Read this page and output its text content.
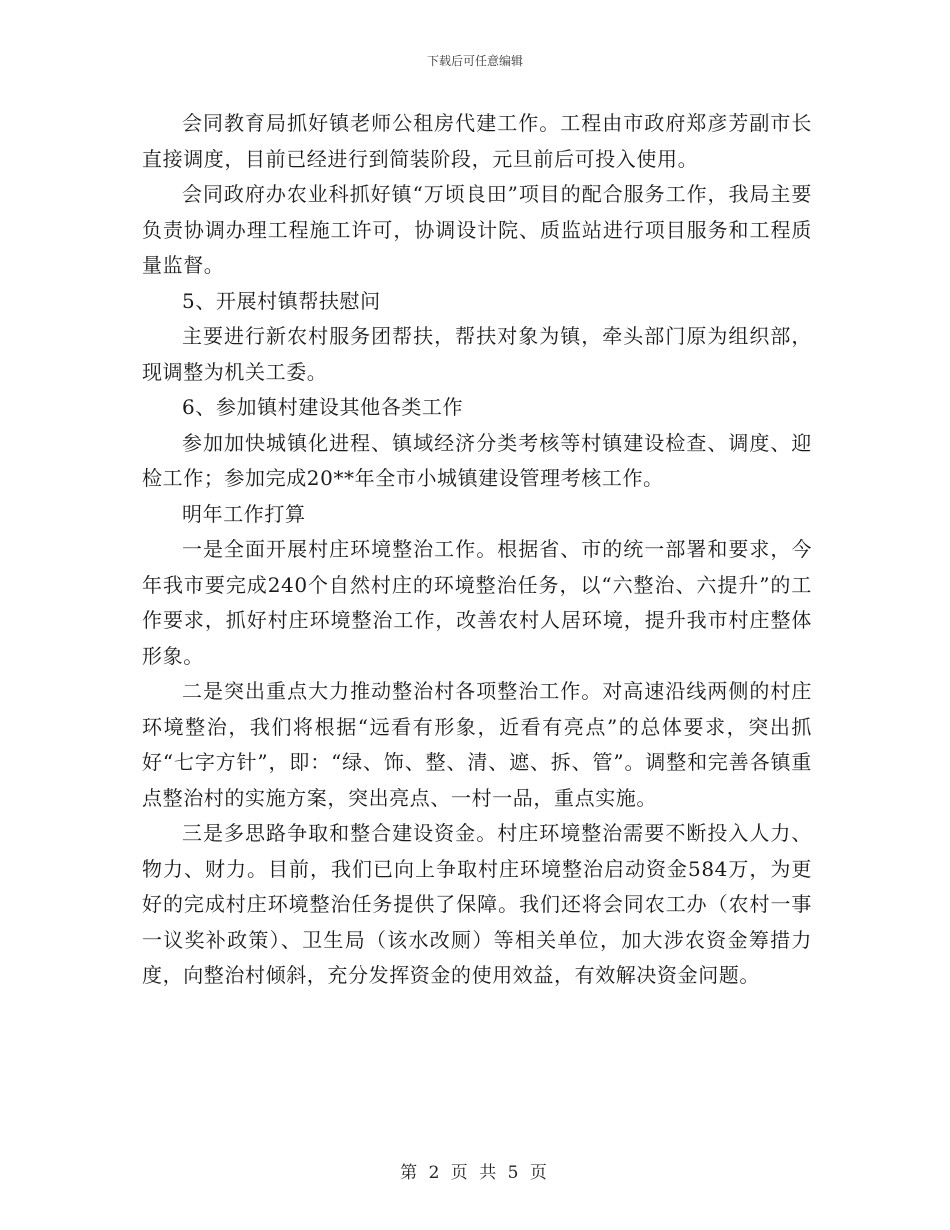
下载后可任意编辑

会同教育局抓好镇老师公租房代建工作。工程由市政府郑彦芳副市长直接调度，目前已经进行到简装阶段，元旦前后可投入使用。

会同政府办农业科抓好镇“万顷良田”项目的配合服务工作，我局主要负责协调办理工程施工许可，协调设计院、质监站进行项目服务和工程质量监督。

5、开展村镇帮扶慰问

主要进行新农村服务团帮扶，帮扶对象为镇，牵头部门原为组织部，现调整为机关工委。

6、参加镇村建设其他各类工作

参加加快城镇化进程、镇域经济分类考核等村镇建设检查、调度、迎检工作；参加完成20**年全市小城镇建设管理考核工作。

明年工作打算

一是全面开展村庄环境整治工作。根据省、市的统一部署和要求，今年我市要完成240个自然村庄的环境整治任务，以“六整治、六提升”的工作要求，抓好村庄环境整治工作，改善农村人居环境，提升我市村庄整体形象。

二是突出重点大力推动整治村各项整治工作。对高速沿线两侧的村庄环境整治，我们将根据“远看有形象，近看有亮点”的总体要求，突出抓好“七字方针”，即：“绿、饰、整、清、遮、拆、管”。调整和完善各镇重点整治村的实施方案，突出亮点、一村一品，重点实施。

三是多思路争取和整合建设资金。村庄环境整治需要不断投入人力、物力、财力。目前，我们已向上争取村庄环境整治启动资金584万，为更好的完成村庄环境整治任务提供了保障。我们还将会同农工办（农村一事一议奖补政策）、卫生局（该水改厕）等相关单位，加大涉农资金筹措力度，向整治村倾斜，充分发挥资金的使用效益，有效解决资金问题。

第 2 页 共 5 页
